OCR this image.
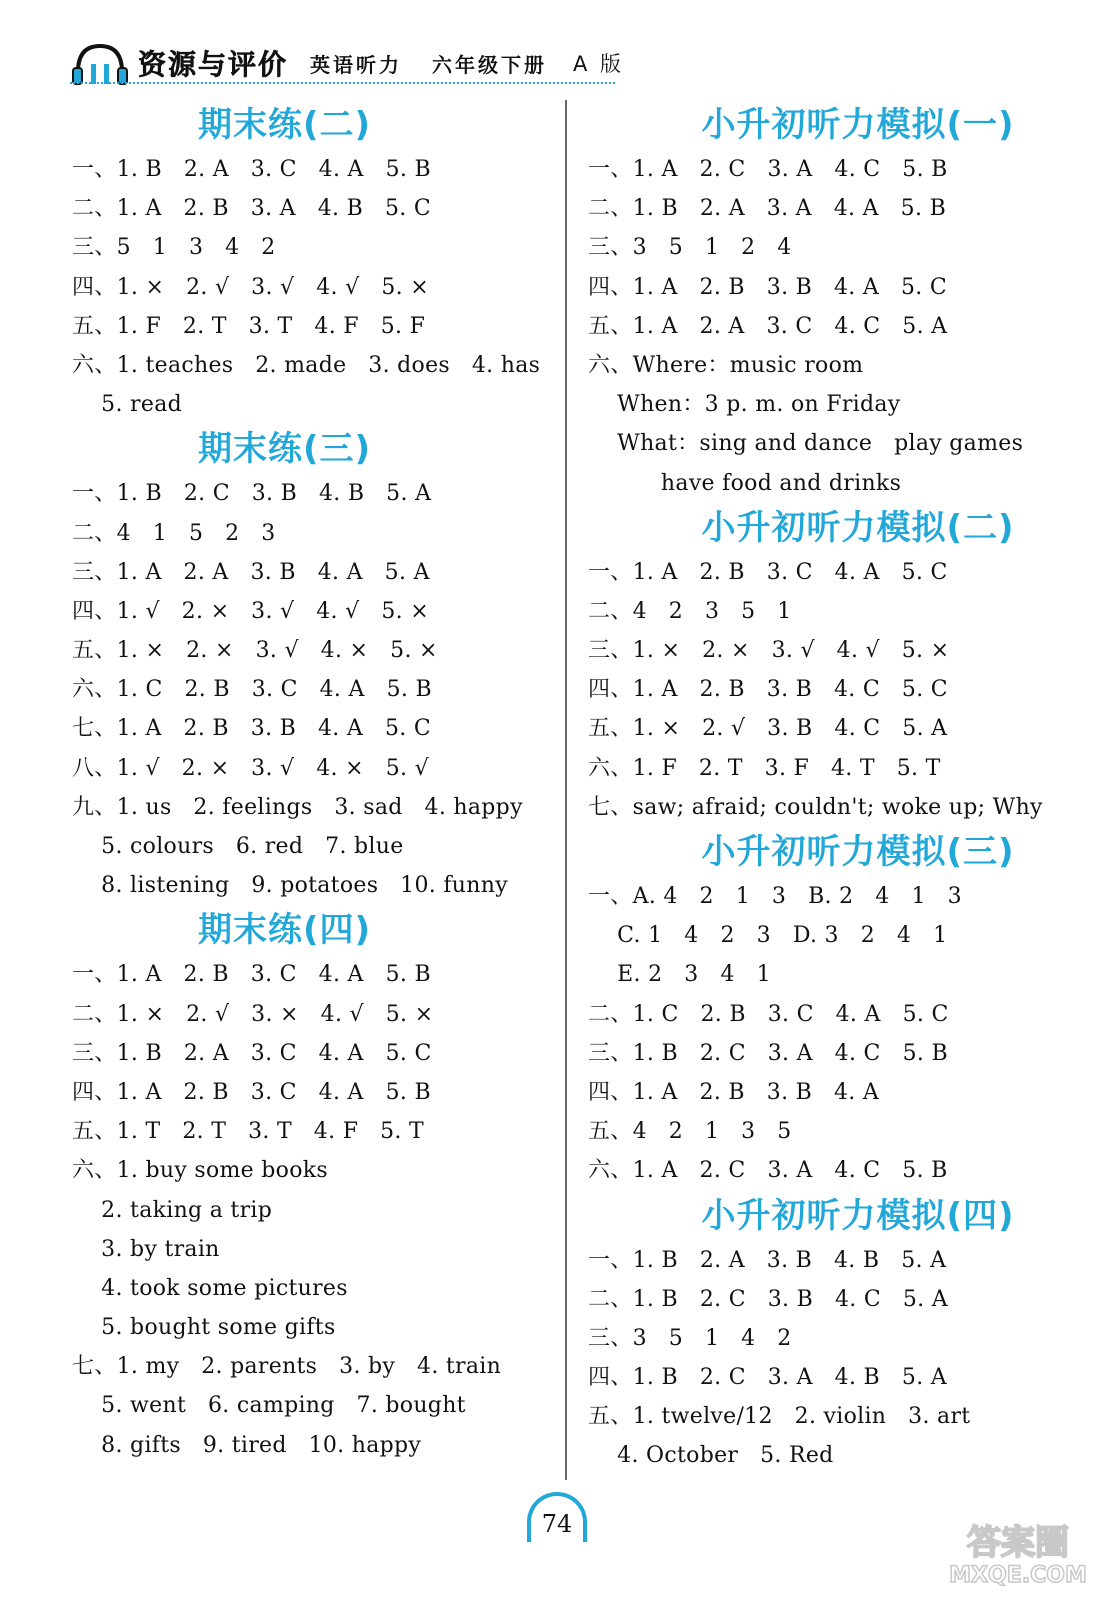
资源与评价 英语听力 六年级下册 A 版
期末练(二)
一、1. B   2. A   3. C   4. A   5. B
二、1. A   2. B   3. A   4. B   5. C
三、5   1   3   4   2
四、1. ×   2. √   3. √   4. √   5. ×
五、1. F   2. T   3. T   4. F   5. F
六、1. teaches   2. made   3. does   4. has
5. read
期末练(三)
一、1. B   2. C   3. B   4. B   5. A
二、4   1   5   2   3
三、1. A   2. A   3. B   4. A   5. A
四、1. √   2. ×   3. √   4. √   5. ×
五、1. ×   2. ×   3. √   4. ×   5. ×
六、1. C   2. B   3. C   4. A   5. B
七、1. A   2. B   3. B   4. A   5. C
八、1. √   2. ×   3. √   4. ×   5. √
九、1. us   2. feelings   3. sad   4. happy
5. colours   6. red   7. blue
8. listening   9. potatoes   10. funny
期末练(四)
一、1. A   2. B   3. C   4. A   5. B
二、1. ×   2. √   3. ×   4. √   5. ×
三、1. B   2. A   3. C   4. A   5. C
四、1. A   2. B   3. C   4. A   5. B
五、1. T   2. T   3. T   4. F   5. T
六、1. buy some books
2. taking a trip
3. by train
4. took some pictures
5. bought some gifts
七、1. my   2. parents   3. by   4. train
5. went   6. camping   7. bought
8. gifts   9. tired   10. happy
小升初听力模拟(一)
一、1. A   2. C   3. A   4. C   5. B
二、1. B   2. A   3. A   4. A   5. B
三、3   5   1   2   4
四、1. A   2. B   3. B   4. A   5. C
五、1. A   2. A   3. C   4. C   5. A
六、Where：music room
When：3 p. m. on Friday
What：sing and dance   play games
have food and drinks
小升初听力模拟(二)
一、1. A   2. B   3. C   4. A   5. C
二、4   2   3   5   1
三、1. ×   2. ×   3. √   4. √   5. ×
四、1. A   2. B   3. B   4. C   5. C
五、1. ×   2. √   3. B   4. C   5. A
六、1. F   2. T   3. F   4. T   5. T
七、saw; afraid; couldn't; woke up; Why
小升初听力模拟(三)
一、A. 4   2   1   3   B. 2   4   1   3
C. 1   4   2   3   D. 3   2   4   1
E. 2   3   4   1
二、1. C   2. B   3. C   4. A   5. C
三、1. B   2. C   3. A   4. C   5. B
四、1. A   2. B   3. B   4. A
五、4   2   1   3   5
六、1. A   2. C   3. A   4. C   5. B
小升初听力模拟(四)
一、1. B   2. A   3. B   4. B   5. A
二、1. B   2. C   3. B   4. C   5. A
三、3   5   1   4   2
四、1. B   2. C   3. A   4. B   5. A
五、1. twelve/12   2. violin   3. art
4. October   5. Red
74	答案圈
MXQE.COM
